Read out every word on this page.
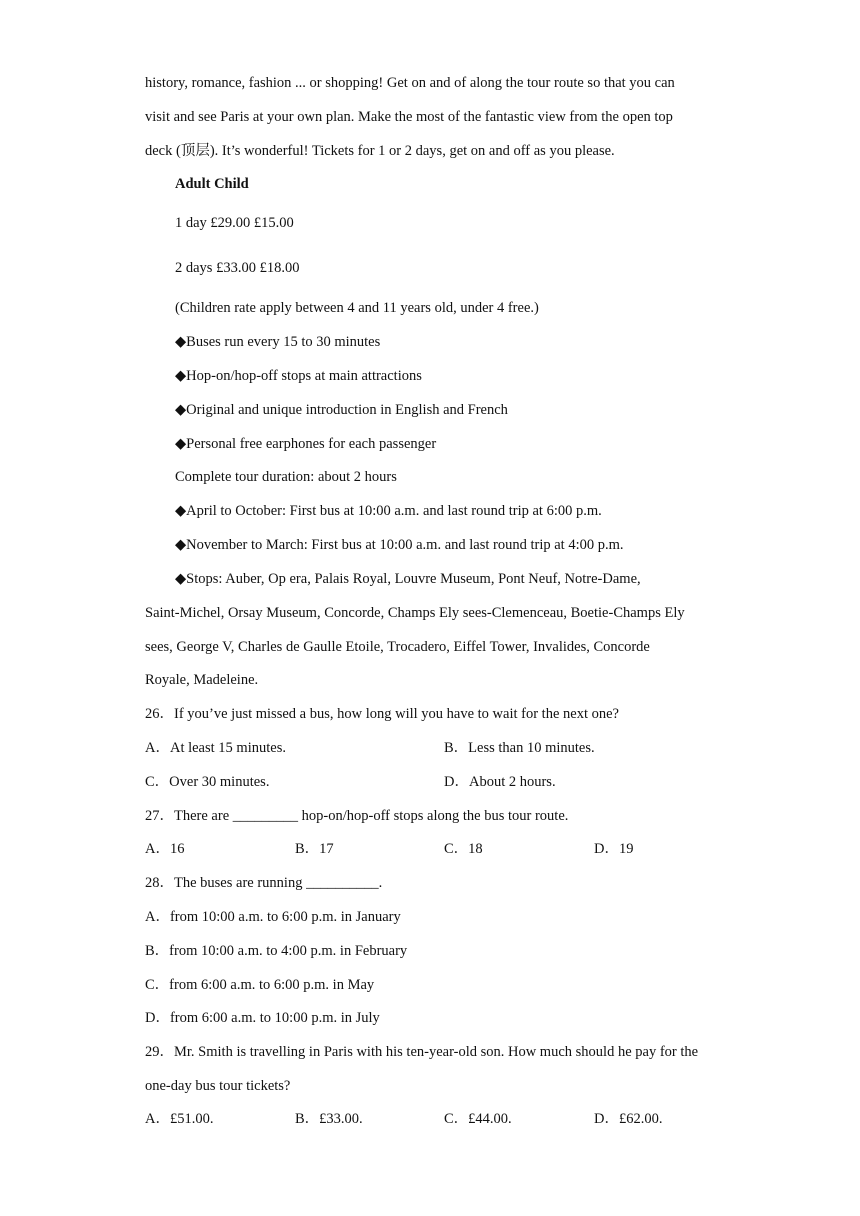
history, romance, fashion ... or shopping! Get on and of along the tour route so that you can
visit and see Paris at your own plan. Make the most of the fantastic view from the open top
deck (顶层). It’s wonderful! Tickets for 1 or 2 days, get on and off as you please.
Adult Child
1 day £29.00 £15.00
2 days £33.00 £18.00
(Children rate apply between 4 and 11 years old, under 4 free.)
◆Buses run every 15 to 30 minutes
◆Hop-on/hop-off stops at main attractions
◆Original and unique introduction in English and French
◆Personal free earphones for each passenger
Complete tour duration: about 2 hours
◆April to October: First bus at 10:00 a.m. and last round trip at 6:00 p.m.
◆November to March: First bus at 10:00 a.m. and last round trip at 4:00 p.m.
◆Stops: Auber, Op era, Palais Royal, Louvre Museum, Pont Neuf, Notre-Dame,
Saint-Michel, Orsay Museum, Concorde, Champs Ely sees-Clemenceau, Boetie-Champs Ely
sees, George V, Charles de Gaulle Etoile, Trocadero, Eiffel Tower, Invalides, Concorde
Royale, Madeleine.
26．If you’ve just missed a bus, how long will you have to wait for the next one?
A．At least 15 minutes.	B．Less than 10 minutes.
C．Over 30 minutes.	D．About 2 hours.
27．There are _________ hop-on/hop-off stops along the bus tour route.
A．16	B．17	C．18	D．19
28．The buses are running __________.
A．from 10:00 a.m. to 6:00 p.m. in January
B．from 10:00 a.m. to 4:00 p.m. in February
C．from 6:00 a.m. to 6:00 p.m. in May
D．from 6:00 a.m. to 10:00 p.m. in July
29．Mr. Smith is travelling in Paris with his ten-year-old son. How much should he pay for the
one-day bus tour tickets?
A．£51.00.	B．£33.00.	C．£44.00.	D．£62.00.
